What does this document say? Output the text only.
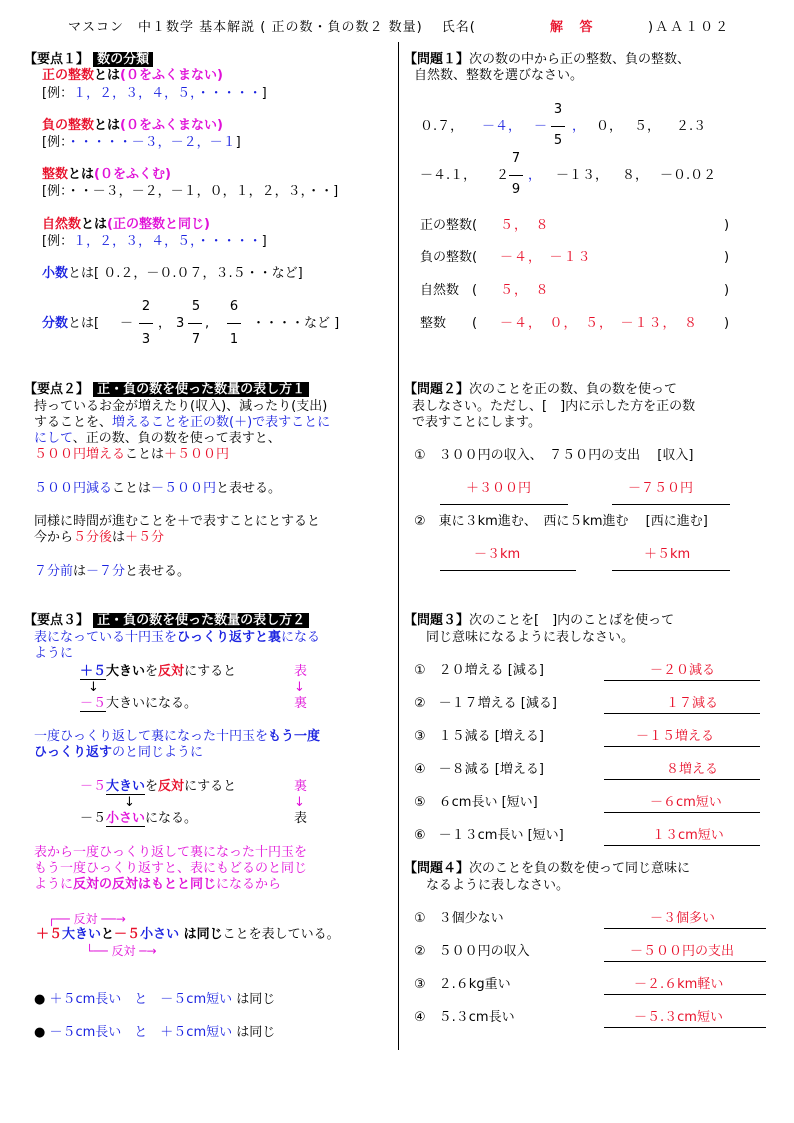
マスコン　中１数学 基本解説 ( 正の数・負の数２ 数量)　 氏名(	解 答	)ＡＡ１０２
【要点１】 数の分類
正の整数とは(０をふくまない)
[例：１，２，３，４，５，・・・・・]
負の整数とは(０をふくまない)
[例：・・・・・－３，－２，－１]
整数とは(０をふくむ)
[例：・・－３，－２，－１，０，１，２，３，・・]
自然数とは(正の整数と同じ)
[例：１，２，３，４，５，・・・・・]
小数とは[ ０.２，－０.０７，３.５・・など]
分数とは[ －
2
3
， 3
5
7
,
6
1
・・・・など ]
【問題１】次の数の中から正の整数、負の整数、
自然数、整数を選びなさい。
０.７， －４， －
3
5
， ０， ５， ２.３
－４.１， ２
7
9
， －１３， ８， －０.０２
正の整数( ５，　８	)
負の整数( －４，　－１３	)
自然数　( ５，　８	)
整数　　( －４，　０，　５，　－１３，　８ )
【要点２】 正・負の数を使った数量の表し方１
持っているお金が増えたり(収入)、減ったり(支出)
することを、増えることを正の数(＋)で表すことに
にして、正の数、負の数を使って表すと、
５００円増えることは＋５００円
５００円減ることは－５００円と表せる。
同様に時間が進むことを＋で表すことにとすると
今から５分後は＋５分
７分前は－７分と表せる。
【問題２】次のことを正の数、負の数を使って
表しなさい。ただし、[　]内に示した方を正の数
で表すことにします。
①　３００円の収入、　７５０円の支出　 [収入]
＋３００円	－７５０円
②　東に３km進む、　西に５km進む　 [西に進む]
－３km	＋５km
【要点３】 正・負の数を使った数量の表し方２
表になっている十円玉をひっくり返すと裏になる
ように
＋５大きいを反対にすると	表
↓	↓
－５大きいになる。	裏
一度ひっくり返して裏になった十円玉をもう一度
ひっくり返すのと同じように
－５大きいを反対にすると	裏
↓	↓
－５小さいになる。	表
表から一度ひっくり返して裏になった十円玉を
もう一度ひっくり返すと、表にもどるのと同じ
ように反対の反対はもとと同じになるから
┌── 反対 ──→
＋５大きいと－５小さい は同じことを表している。
└── 反対 ─→
● ＋５cm長い　と　－５cm短い は同じ
● －５cm長い　と　＋５cm短い は同じ
【問題３】次のことを[　]内のことばを使って
同じ意味になるように表しなさい。
①　２０増える [減る]	－２０減る
②　－１７増える [減る]	１７減る
③　１５減る [増える]	－１５増える
④　－８減る [増える]	８増える
⑤　６cm長い [短い]	－６cm短い
⑥　－１３cm長い [短い]	１３cm短い
【問題４】次のことを負の数を使って同じ意味に
なるように表しなさい。
①　３個少ない	－３個多い
②　５００円の収入	－５００円の支出
③　２.６kg重い	－２.６km軽い
④　５.３cm長い	－５.３cm短い
